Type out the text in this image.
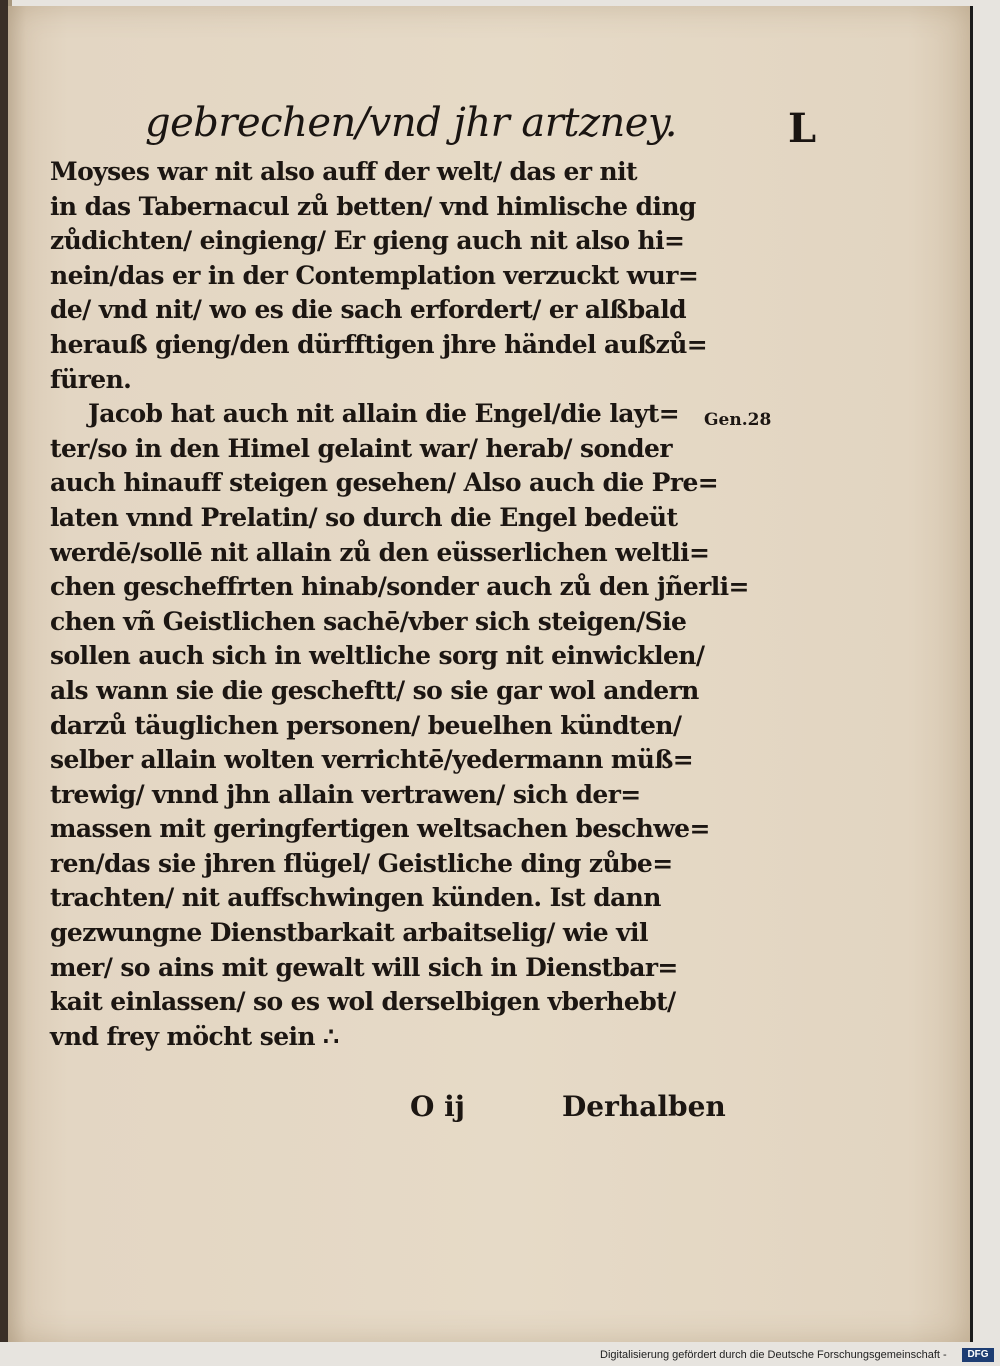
gebrechen/vnd jhr artzney.	L
Moyses war nit also auff der welt/ das er nit
in das Tabernacul zů betten/ vnd himlische ding
zůdichten/ eingieng/ Er gieng auch nit also hi=
nein/das er in der Contemplation verzuckt wur=
de/ vnd nit/ wo es die sach erfordert/ er alßbald
herauß gieng/den dürfftigen jhre händel außzů=
füren.
Jacob hat auch nit allain die Engel/die layt=
ter/so in den Himel gelaint war/ herab/ sonder
auch hinauff steigen gesehen/ Also auch die Pre=
laten vnnd Prelatin/ so durch die Engel bedeüt
werdē/sollē nit allain zů den eüsserlichen weltli=
chen gescheffrten hinab/sonder auch zů den jñerli=
chen vñ Geistlichen sachē/vber sich steigen/Sie
sollen auch sich in weltliche sorg nit einwicklen/
als wann sie die gescheftt/ so sie gar wol andern
darzů täuglichen personen/ beuelhen kündten/
selber allain wolten verrichtē/yedermann müß=
trewig/ vnnd jhn allain vertrawen/ sich der=
massen mit geringfertigen weltsachen beschwe=
ren/das sie jhren flügel/ Geistliche ding zůbe=
trachten/ nit auffschwingen künden. Ist dann
gezwungne Dienstbarkait arbaitselig/ wie vil
mer/ so ains mit gewalt will sich in Dienstbar=
kait einlassen/ so es wol derselbigen vberhebt/
vnd frey möcht sein ∴
Gen.28
O ij	Derhalben
Digitalisierung gefördert durch die Deutsche Forschungsgemeinschaft -	DFG
